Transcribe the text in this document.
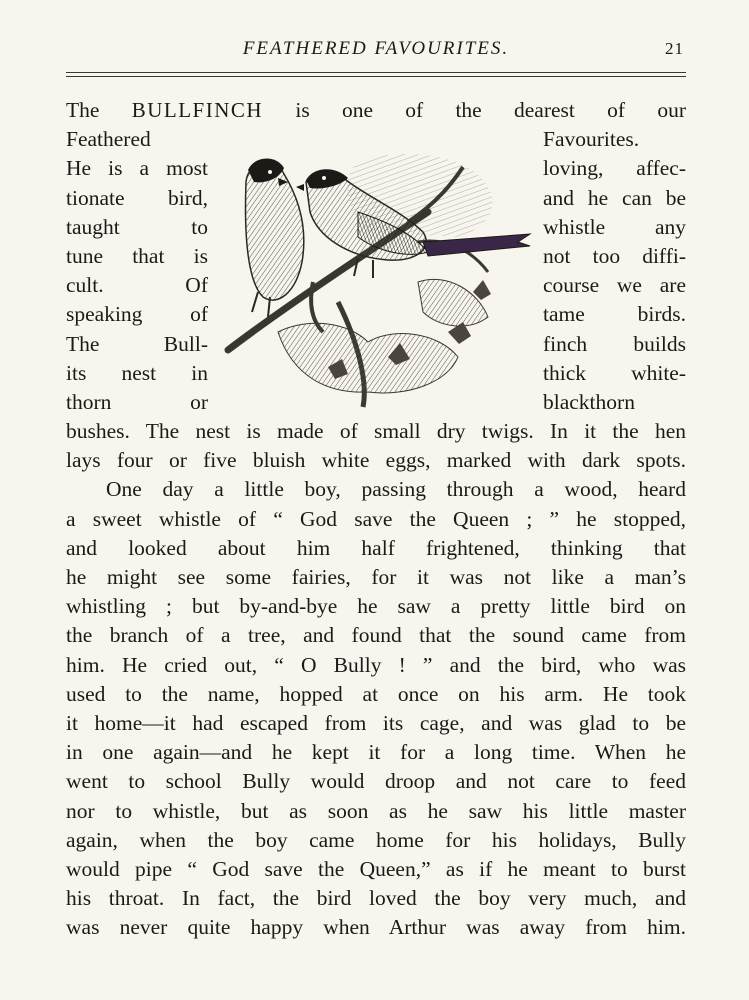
FEATHERED FAVOURITES.	21
The BULLFINCH is one of the dearest of our
Feathered	Favourites.
He is a most	loving, affec-
tionate bird,	and he can be
taught to	whistle any
tune that is	not too diffi-
cult. Of	course we are
speaking of	tame birds.
The Bull-	finch builds
its nest in	thick white-
thorn or	blackthorn
bushes. The nest is made of small dry twigs. In it the hen
lays four or five bluish white eggs, marked with dark spots.
One day a little boy, passing through a wood, heard
a sweet whistle of “ God save the Queen ; ” he stopped,
and looked about him half frightened, thinking that
he might see some fairies, for it was not like a man’s
whistling ; but by-and-bye he saw a pretty little bird on
the branch of a tree, and found that the sound came from
him. He cried out, “ O Bully ! ” and the bird, who was
used to the name, hopped at once on his arm. He took
it home—it had escaped from its cage, and was glad to be
in one again—and he kept it for a long time. When he
went to school Bully would droop and not care to feed
nor to whistle, but as soon as he saw his little master
again, when the boy came home for his holidays, Bully
would pipe “ God save the Queen,” as if he meant to burst
his throat. In fact, the bird loved the boy very much, and
was never quite happy when Arthur was away from him.
